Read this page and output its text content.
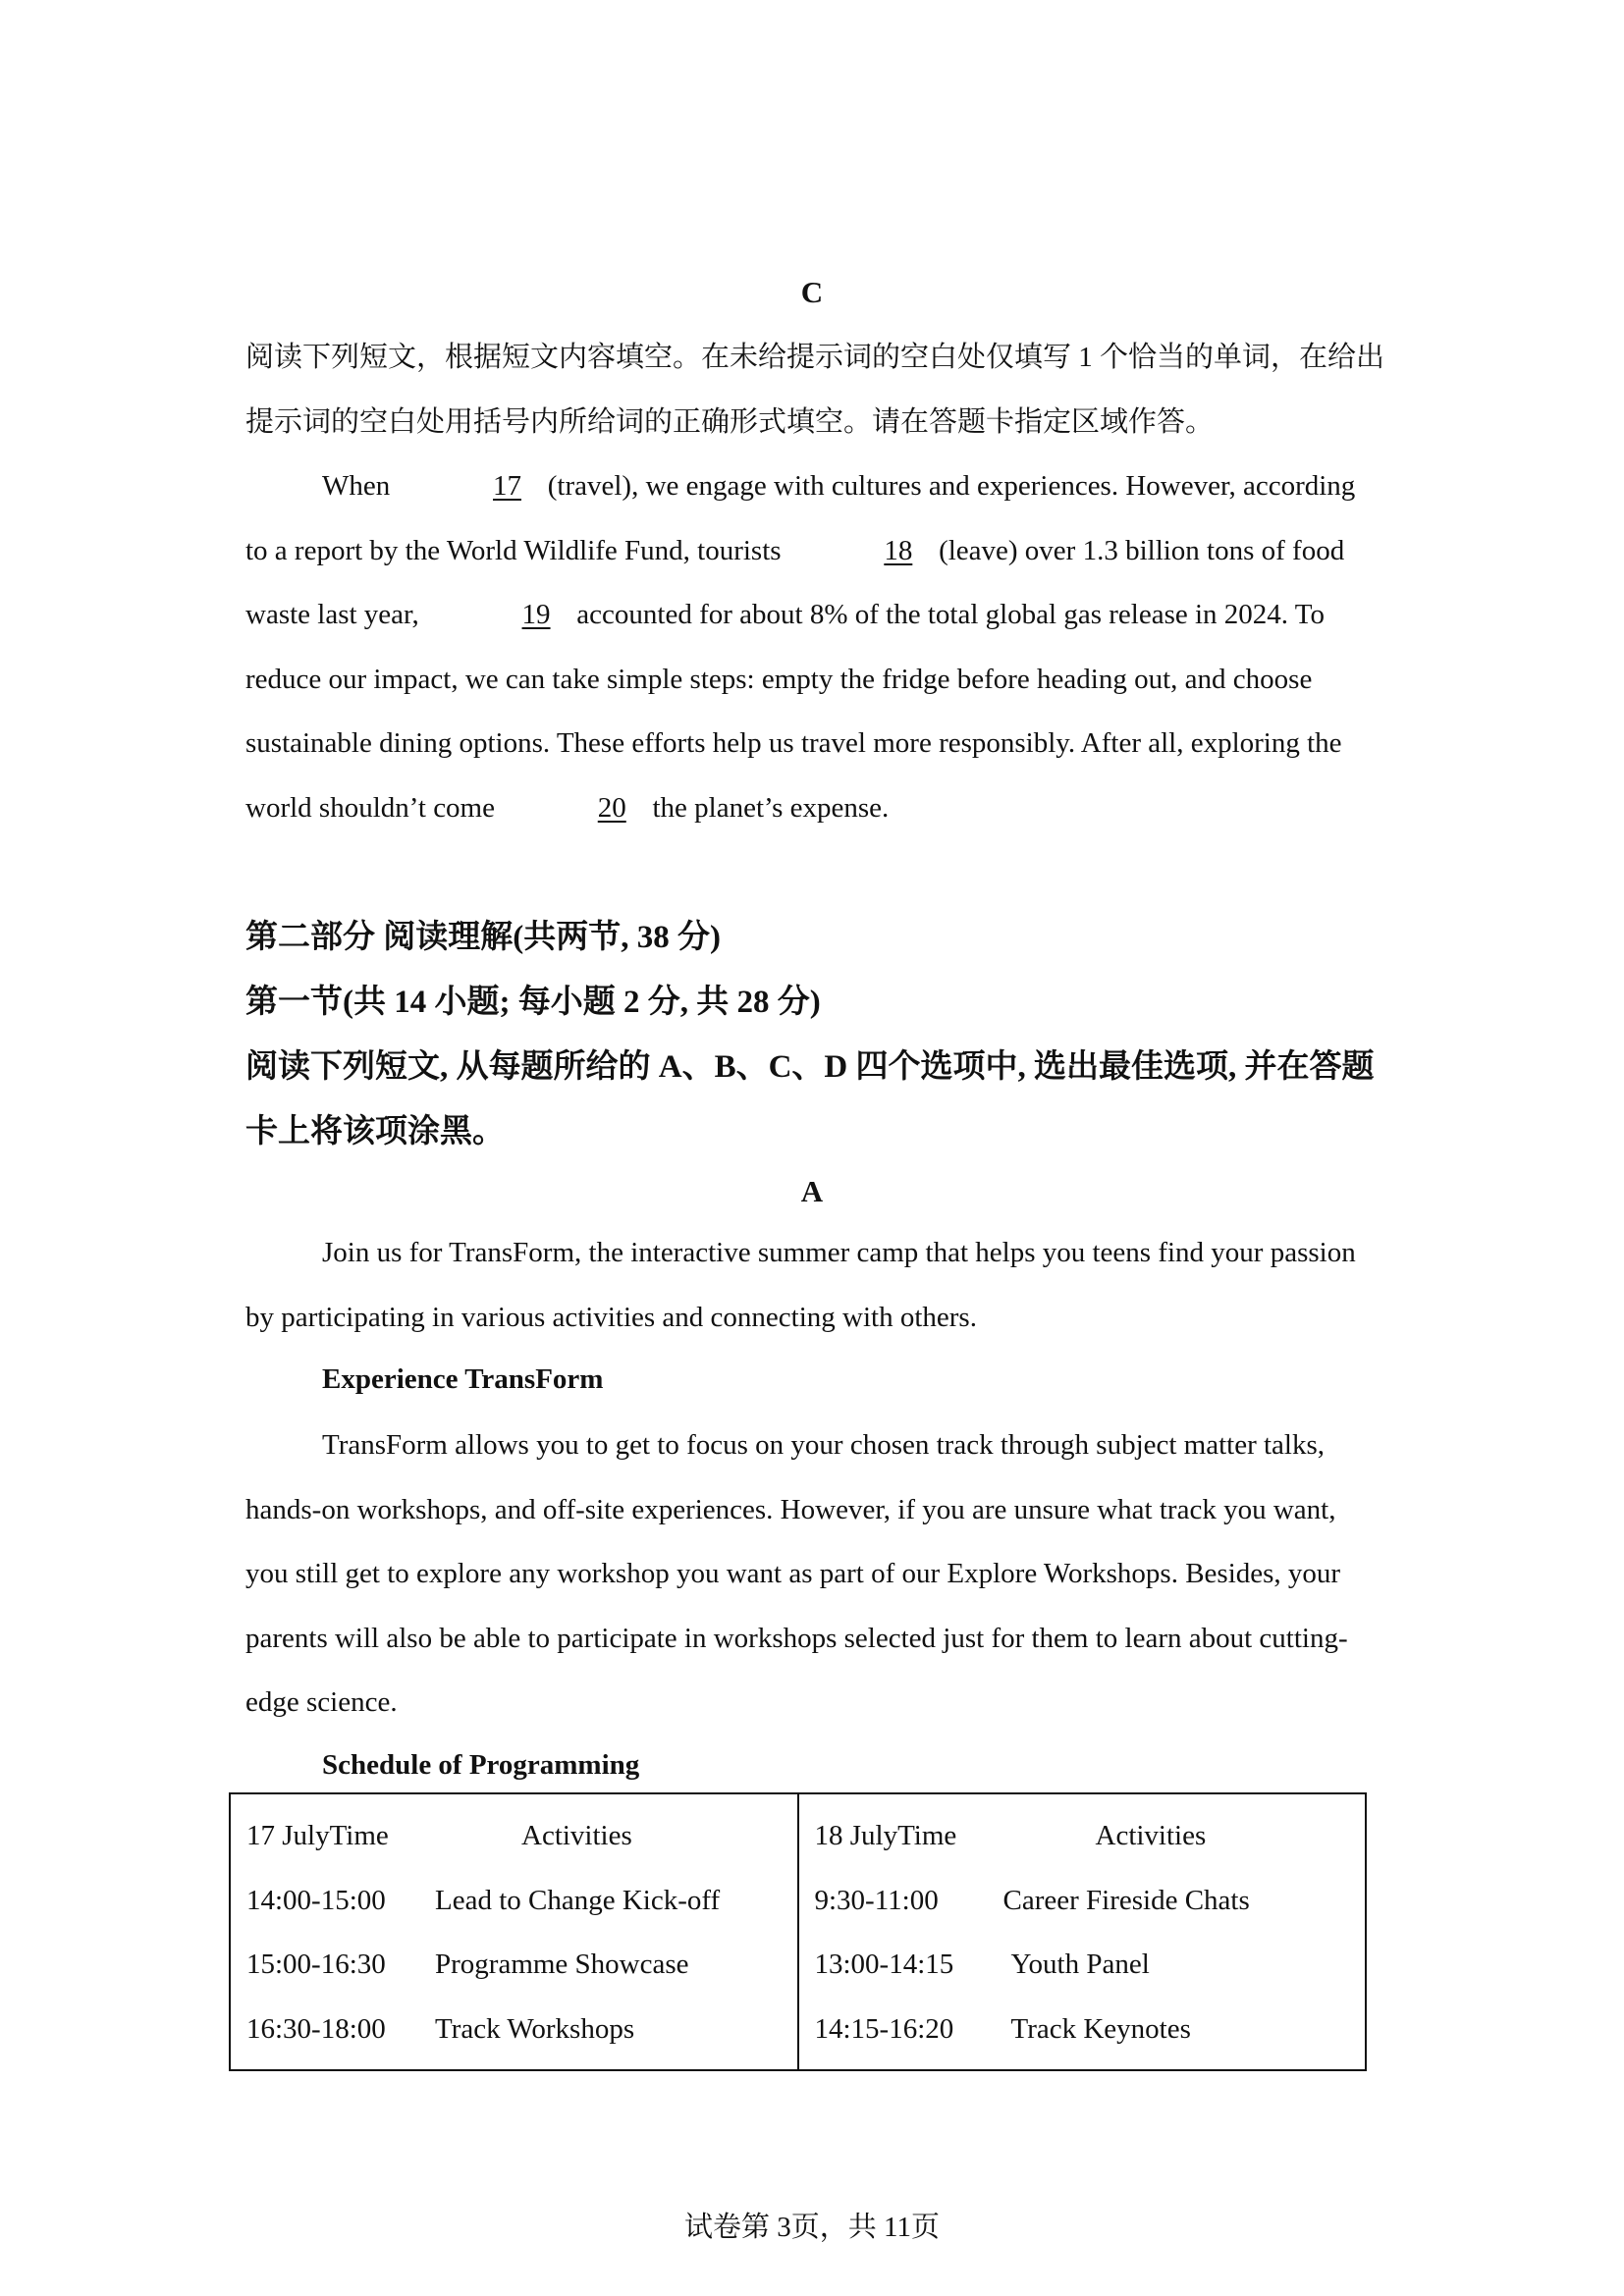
C

阅读下列短文，根据短文内容填空。在未给提示词的空白处仅填写 1 个恰当的单词，在给出提示词的空白处用括号内所给词的正确形式填空。请在答题卡指定区域作答。

When	17 (travel), we engage with cultures and experiences. However, according to a report by the World Wildlife Fund, tourists	18 (leave) over 1.3 billion tons of food waste last year,	19 accounted for about 8% of the total global gas release in 2024. To reduce our impact, we can take simple steps: empty the fridge before heading out, and choose sustainable dining options. These efforts help us travel more responsibly. After all, exploring the world shouldn’t come	20 the planet’s expense.

第二部分 阅读理解(共两节, 38 分)

第一节(共 14 小题; 每小题 2 分, 共 28 分)

阅读下列短文, 从每题所给的 A、B、C、D 四个选项中, 选出最佳选项, 并在答题卡上将该项涂黑。

A

Join us for TransForm, the interactive summer camp that helps you teens find your passion by participating in various activities and connecting with others.

Experience TransForm

TransForm allows you to get to focus on your chosen track through subject matter talks, hands-on workshops, and off-site experiences. However, if you are unsure what track you want, you still get to explore any workshop you want as part of our Explore Workshops. Besides, your parents will also be able to participate in workshops selected just for them to learn about cutting-edge science.

Schedule of Programming
17 JulyTime	Activities
14:00-15:00	Lead to Change Kick-off
15:00-16:30	Programme Showcase
16:30-18:00	Track Workshops
18 JulyTime	Activities
9:30-11:00	Career Fireside Chats
13:00-14:15	Youth Panel
14:15-16:20	Track Keynotes
试卷第 3页，共 11页
